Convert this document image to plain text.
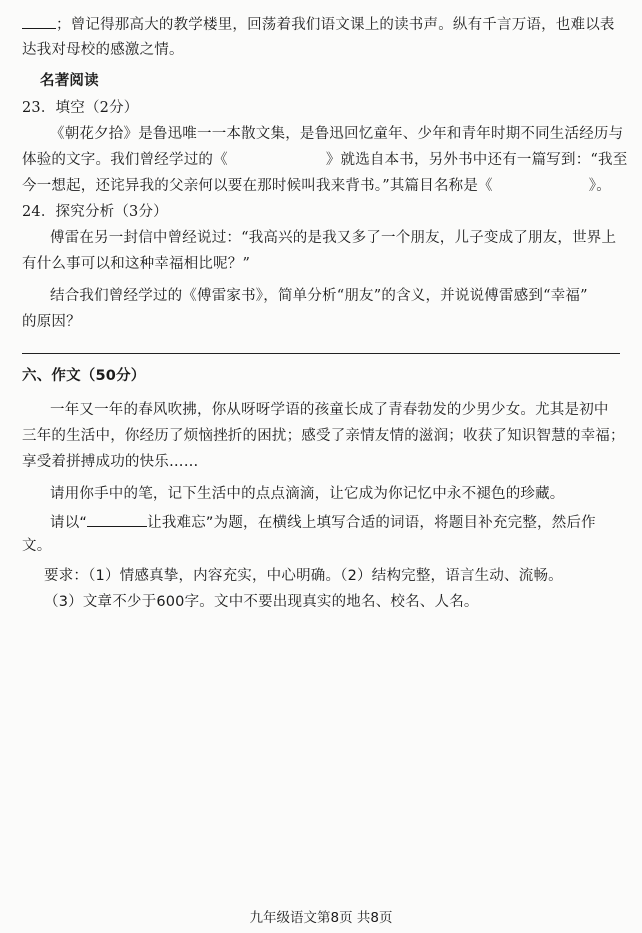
；曾记得那高大的教学楼里，回荡着我们语文课上的读书声。纵有千言万语，也难以表
达我对母校的感激之情。
名著阅读
23．填空（2分）
《朝花夕拾》是鲁迅唯一一本散文集，是鲁迅回忆童年、少年和青年时期不同生活经历与
体验的文字。我们曾经学过的《	》就选自本书，另外书中还有一篇写到：“我至
今一想起，还诧异我的父亲何以要在那时候叫我来背书。”其篇目名称是《	》。
24．探究分析（3分）
傅雷在另一封信中曾经说过：“我高兴的是我又多了一个朋友，儿子变成了朋友，世界上
有什么事可以和这种幸福相比呢？”
结合我们曾经学过的《傅雷家书》，简单分析“朋友”的含义，并说说傅雷感到“幸福”
的原因？
六、作文（50分）
一年又一年的春风吹拂，你从呀呀学语的孩童长成了青春勃发的少男少女。尤其是初中
三年的生活中，你经历了烦恼挫折的困扰；感受了亲情友情的滋润；收获了知识智慧的幸福；
享受着拼搏成功的快乐……
请用你手中的笔，记下生活中的点点滴滴，让它成为你记忆中永不褪色的珍藏。
请以“	让我难忘”为题，在横线上填写合适的词语，将题目补充完整，然后作
文。
要求：（1）情感真挚，内容充实，中心明确。（2）结构完整，语言生动、流畅。
（3）文章不少于600字。文中不要出现真实的地名、校名、人名。
九年级语文第8页 共8页
